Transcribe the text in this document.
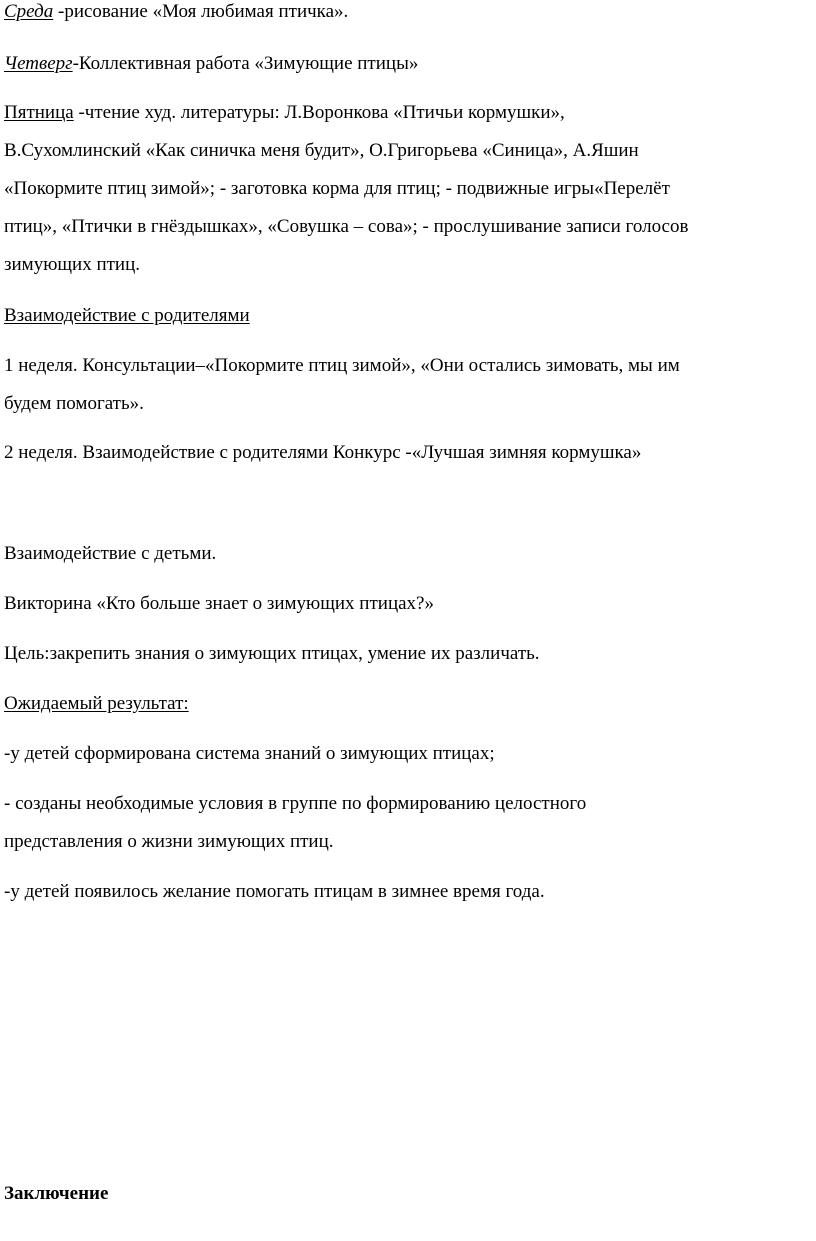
Среда -рисование «Моя любимая птичка».
Четверг-Коллективная работа «Зимующие птицы»
Пятница -чтение худ. литературы: Л.Воронкова «Птичьи кормушки»,
В.Сухомлинский «Как синичка меня будит», О.Григорьева «Синица», А.Яшин
«Покормите птиц зимой»; - заготовка корма для птиц; - подвижные игры«Перелёт
птиц», «Птички в гнёздышках», «Совушка – сова»; - прослушивание записи голосов
зимующих птиц.
Взаимодействие с родителями
1 неделя. Консультации–«Покормите птиц зимой», «Они остались зимовать, мы им
будем помогать».
2 неделя. Взаимодействие с родителями Конкурс -«Лучшая зимняя кормушка»
Взаимодействие с детьми.
Викторина «Кто больше знает о зимующих птицах?»
Цель:закрепить знания о зимующих птицах, умение их различать.
Ожидаемый результат:
-у детей сформирована система знаний о зимующих птицах;
- созданы необходимые условия в группе по формированию целостного
представления о жизни зимующих птиц.
-у детей появилось желание помогать птицам в зимнее время года.
Заключение
